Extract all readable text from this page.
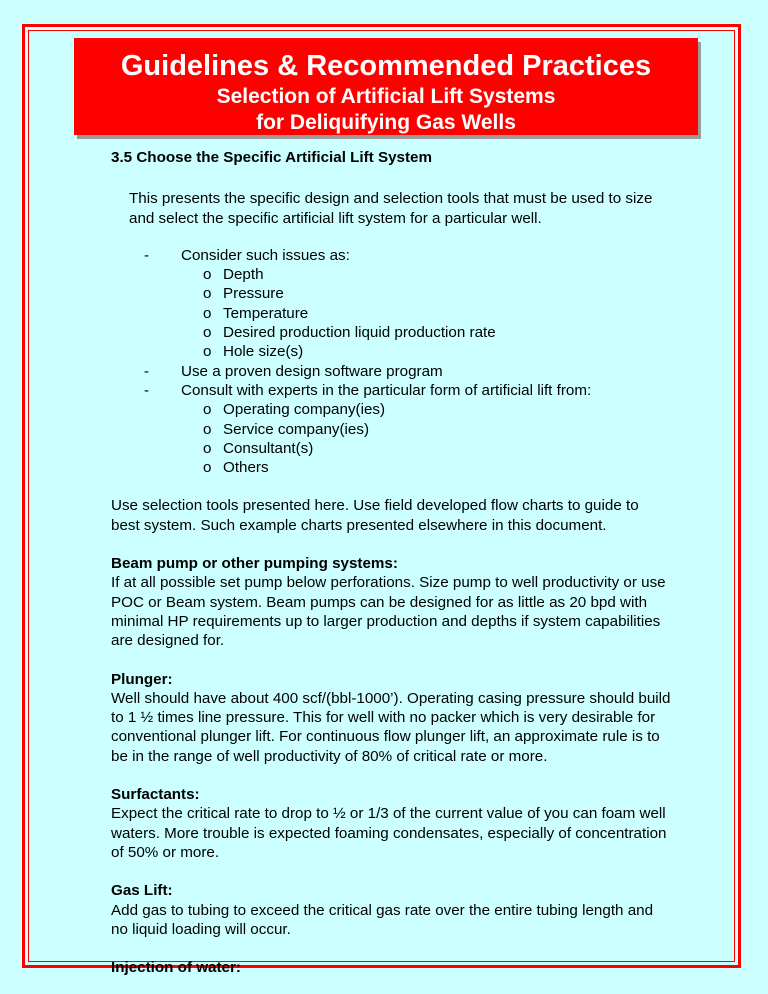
Guidelines & Recommended Practices
Selection of Artificial Lift Systems
for Deliquifying Gas Wells

3.5 Choose the Specific Artificial Lift System

This presents the specific design and selection tools that must be used to size and select the specific artificial lift system for a particular well.

- Consider such issues as:
o Depth
o Pressure
o Temperature
o Desired production liquid production rate
o Hole size(s)
- Use a proven design software program
- Consult with experts in the particular form of artificial lift from:
o Operating company(ies)
o Service company(ies)
o Consultant(s)
o Others

Use selection tools presented here. Use field developed flow charts to guide to best system. Such example charts presented elsewhere in this document.

Beam pump or other pumping systems:
If at all possible set pump below perforations. Size pump to well productivity or use POC or Beam system. Beam pumps can be designed for as little as 20 bpd with minimal HP requirements up to larger production and depths if system capabilities are designed for.
Plunger:
Well should have about 400 scf/(bbl-1000’). Operating casing pressure should build to 1 ½ times line pressure. This for well with no packer which is very desirable for conventional plunger lift. For continuous flow plunger lift, an approximate rule is to be in the range of well productivity of 80% of critical rate or more.
Surfactants:
Expect the critical rate to drop to ½ or 1/3 of the current value of you can foam well waters. More trouble is expected foaming condensates, especially of concentration of 50% or more.
Gas Lift:
Add gas to tubing to exceed the critical gas rate over the entire tubing length and no liquid loading will occur.
Injection of water:
